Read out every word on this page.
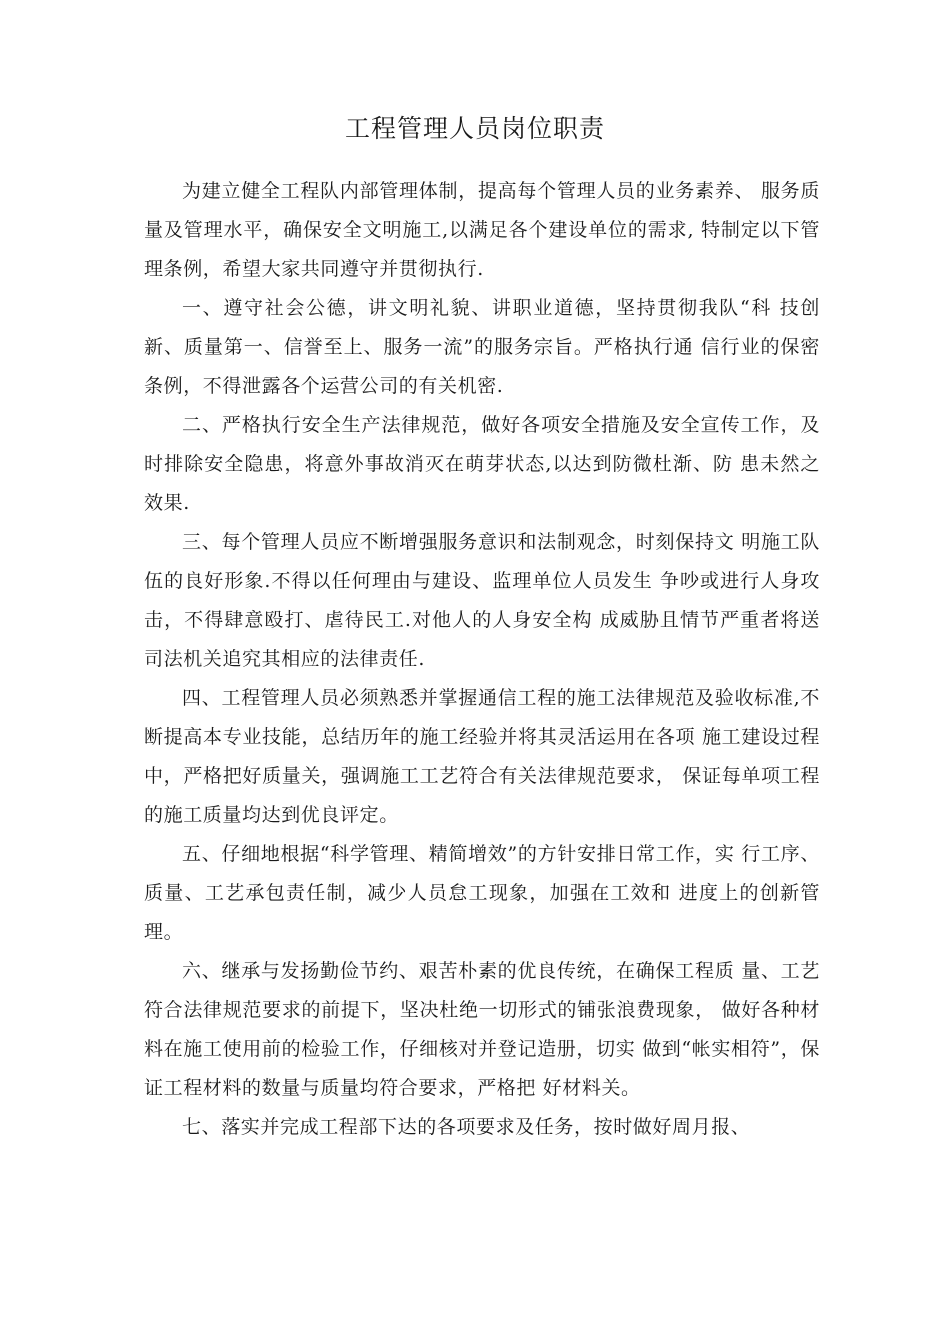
工程管理人员岗位职责

为建立健全工程队内部管理体制，提高每个管理人员的业务素养、 服务质量及管理水平，确保安全文明施工,以满足各个建设单位的需求, 特制定以下管理条例，希望大家共同遵守并贯彻执行.

一、遵守社会公德，讲文明礼貌、讲职业道德，坚持贯彻我队“科 技创新、质量第一、信誉至上、服务一流”的服务宗旨。严格执行通 信行业的保密条例，不得泄露各个运营公司的有关机密.

二、严格执行安全生产法律规范，做好各项安全措施及安全宣传工作，及时排除安全隐患，将意外事故消灭在萌芽状态,以达到防微杜渐、防 患未然之效果.

三、每个管理人员应不断增强服务意识和法制观念，时刻保持文 明施工队伍的良好形象.不得以任何理由与建设、监理单位人员发生 争吵或进行人身攻击，不得肆意殴打、虐待民工.对他人的人身安全构 成威胁且情节严重者将送司法机关追究其相应的法律责任.

四、工程管理人员必须熟悉并掌握通信工程的施工法律规范及验收标准,不断提高本专业技能，总结历年的施工经验并将其灵活运用在各项 施工建设过程中，严格把好质量关，强调施工工艺符合有关法律规范要求， 保证每单项工程的施工质量均达到优良评定。

五、仔细地根据“科学管理、精简增效”的方针安排日常工作，实 行工序、质量、工艺承包责任制，减少人员怠工现象，加强在工效和 进度上的创新管理。

六、继承与发扬勤俭节约、艰苦朴素的优良传统，在确保工程质 量、工艺符合法律规范要求的前提下，坚决杜绝一切形式的铺张浪费现象， 做好各种材料在施工使用前的检验工作，仔细核对并登记造册，切实 做到“帐实相符”，保证工程材料的数量与质量均符合要求，严格把 好材料关。

七、落实并完成工程部下达的各项要求及任务，按时做好周月报、
